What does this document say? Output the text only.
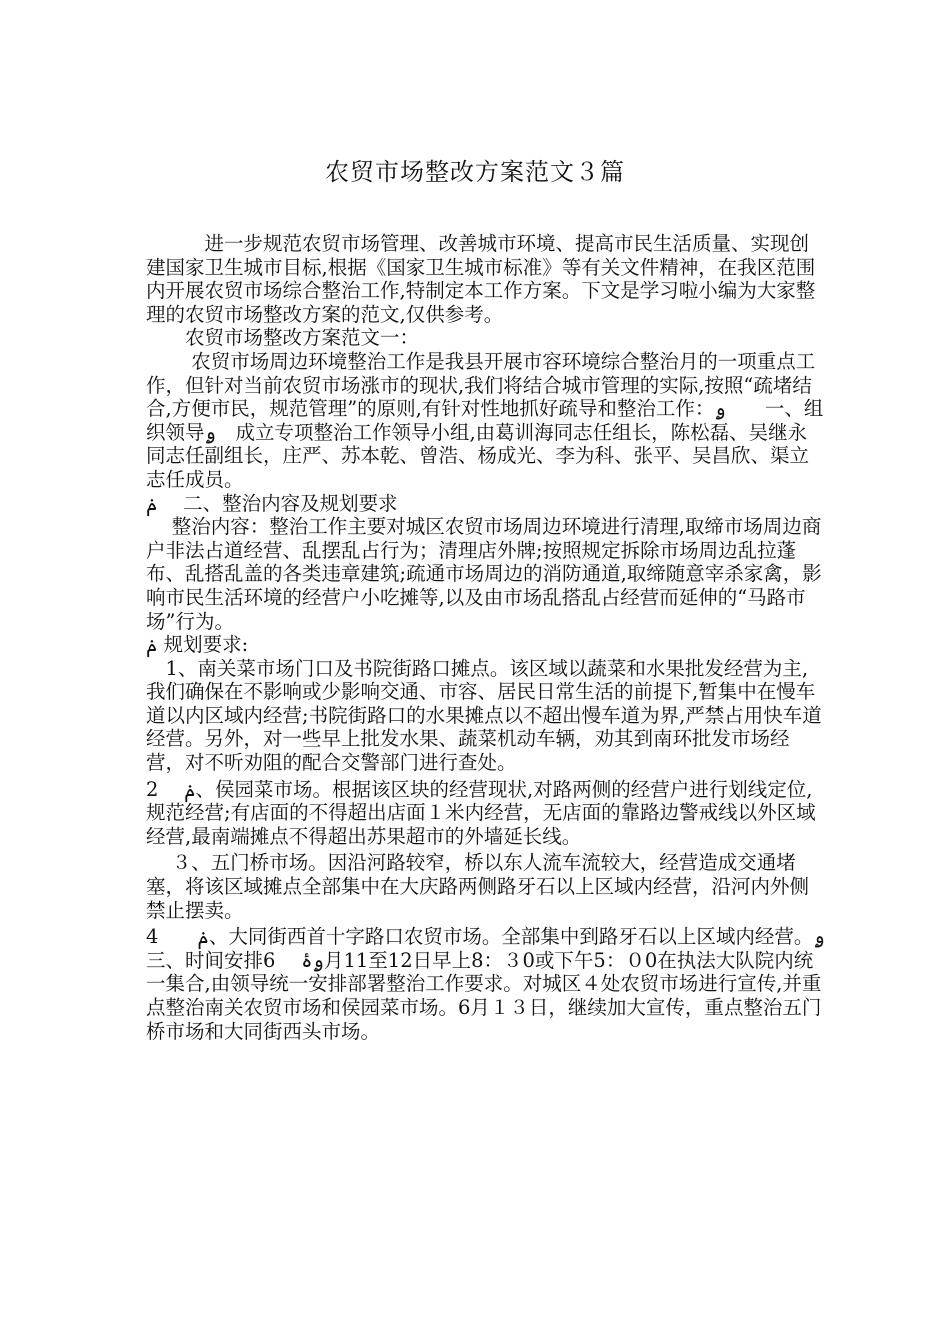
农贸市场整改方案范文３篇

　　　进一步规范农贸市场管理、改善城市环境、提高市民生活质量、实现创建国家卫生城市目标,根据《国家卫生城市标准》等有关文件精神，在我区范围内开展农贸市场综合整治工作,特制定本工作方案。下文是学习啦小编为大家整理的农贸市场整改方案的范文,仅供参考。

　　农贸市场整改方案范文一：

　　 农贸市场周边环境整治工作是我县开展市容环境综合整治月的一项重点工作，但针对当前农贸市场涨市的现状,我们将结合城市管理的实际,按照“疏堵结合,方便市民，规范管理”的原则,有针对性地抓好疏导和整治工作：ۄ　　一、组织领导ۄ　成立专项整治工作领导小组,由葛训海同志任组长，陈松磊、吴继永同志任副组长，庄严、苏本乾、曾浩、杨成光、李为科、张平、吴昌欣、渠立志任成员。

ݥ　 二、整治内容及规划要求

　整治内容：整治工作主要对城区农贸市场周边环境进行清理,取缔市场周边商户非法占道经营、乱摆乱占行为；清理店外牌;按照规定拆除市场周边乱拉蓬布、乱搭乱盖的各类违章建筑;疏通市场周边的消防通道,取缔随意宰杀家禽，影响市民生活环境的经营户小吃摊等,以及由市场乱搭乱占经营而延伸的“马路市场”行为。

ݥ 规划要求:

　1、南关菜市场门口及书院街路口摊点。该区域以蔬菜和水果批发经营为主,我们确保在不影响或少影响交通、市容、居民日常生活的前提下,暂集中在慢车道以内区域内经营;书院街路口的水果摊点以不超出慢车道为界,严禁占用快车道经营。另外，对一些早上批发水果、蔬菜机动车辆，劝其到南环批发市场经营，对不听劝阻的配合交警部门进行查处。

2　 ݥ、侯园菜市场。根据该区块的经营现状,对路两侧的经营户进行划线定位,规范经营;有店面的不得超出店面１米内经营，无店面的靠路边警戒线以外区域经营,最南端摊点不得超出苏果超市的外墙延长线。

　 ３、五门桥市场。因沿河路较窄，桥以东人流车流较大，经营造成交通堵塞，将该区域摊点全部集中在大庆路两侧路牙石以上区域内经营，沿河内外侧禁止摆卖。

4　　ݥ、大同街西首十字路口农贸市场。全部集中到路牙石以上区域内经营。ۄ　　　三、时间安排6　 ۄهٔ月11至12日早上8：３0或下午5：０0在执法大队院内统一集合,由领导统一安排部署整治工作要求。对城区４处农贸市场进行宣传,并重点整治南关农贸市场和侯园菜市场。6月１３日，继续加大宣传，重点整治五门桥市场和大同街西头市场。
